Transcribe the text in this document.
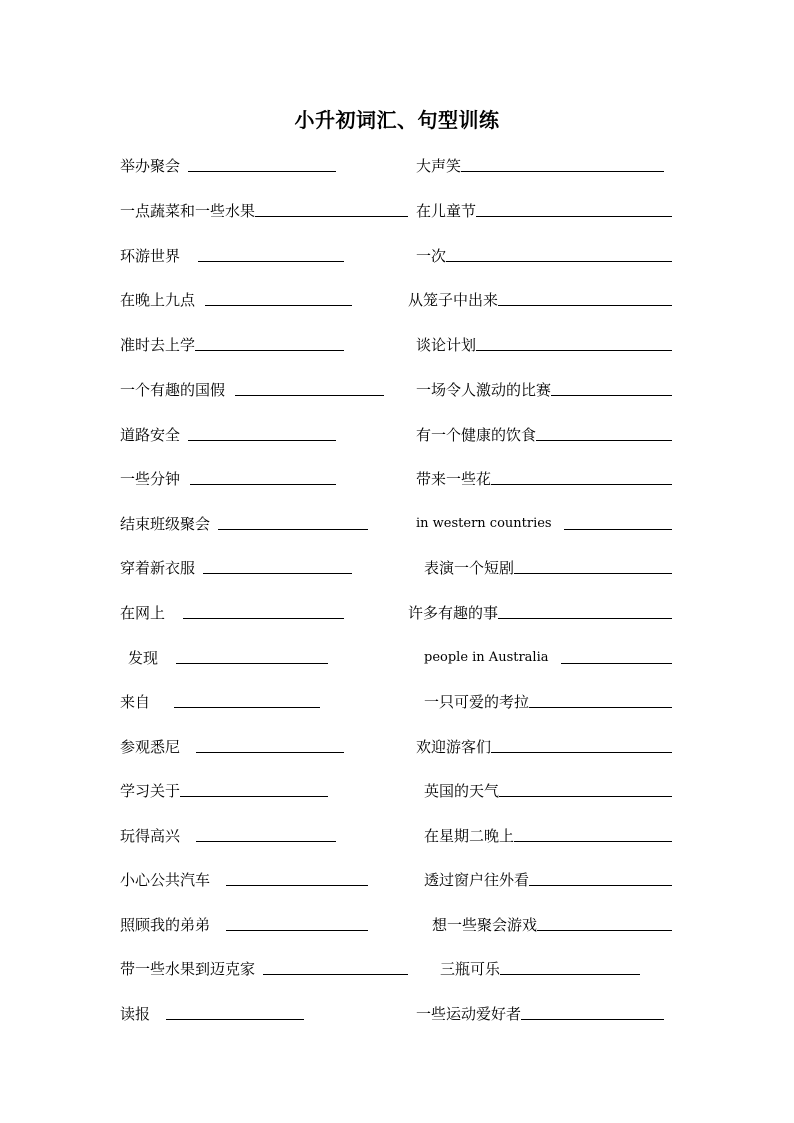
小升初词汇、句型训练
举办聚会	大声笑
一点蔬菜和一些水果	在儿童节
环游世界	一次
在晚上九点	从笼子中出来
准时去上学	谈论计划
一个有趣的国假	一场令人激动的比赛
道路安全	有一个健康的饮食
一些分钟	带来一些花
结束班级聚会	in western countries
穿着新衣服	表演一个短剧
在网上	许多有趣的事
发现	people in Australia
来自	一只可爱的考拉
参观悉尼	欢迎游客们
学习关于	英国的天气
玩得高兴	在星期二晚上
小心公共汽车	透过窗户往外看
照顾我的弟弟	想一些聚会游戏
带一些水果到迈克家	三瓶可乐
读报	一些运动爱好者
